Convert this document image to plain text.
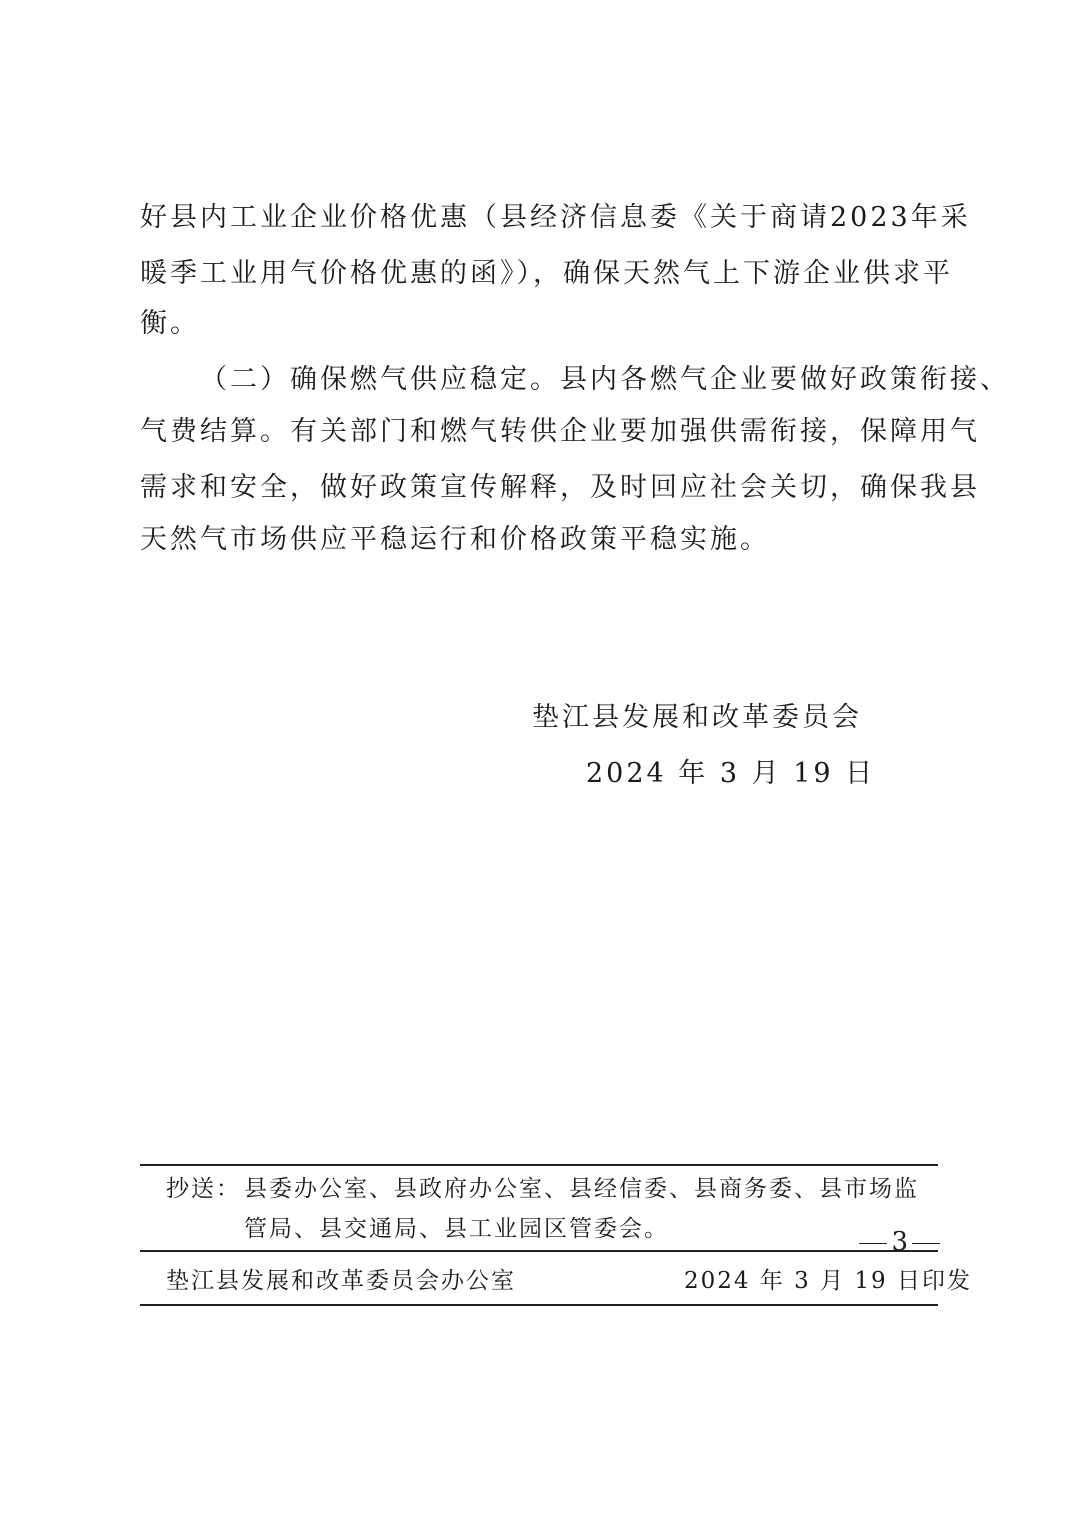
好县内工业企业价格优惠（县经济信息委《关于商请2023年采

暖季工业用气价格优惠的函》），确保天然气上下游企业供求平

衡。

（二）确保燃气供应稳定。县内各燃气企业要做好政策衔接、

气费结算。有关部门和燃气转供企业要加强供需衔接，保障用气

需求和安全，做好政策宣传解释，及时回应社会关切，确保我县

天然气市场供应平稳运行和价格政策平稳实施。

垫江县发展和改革委员会
2024 年 3 月 19 日
抄送： 县委办公室、县政府办公室、县经信委、县商务委、县市场监
管局、县交通局、县工业园区管委会。
垫江县发展和改革委员会办公室	2024 年 3 月 19 日印发
3
